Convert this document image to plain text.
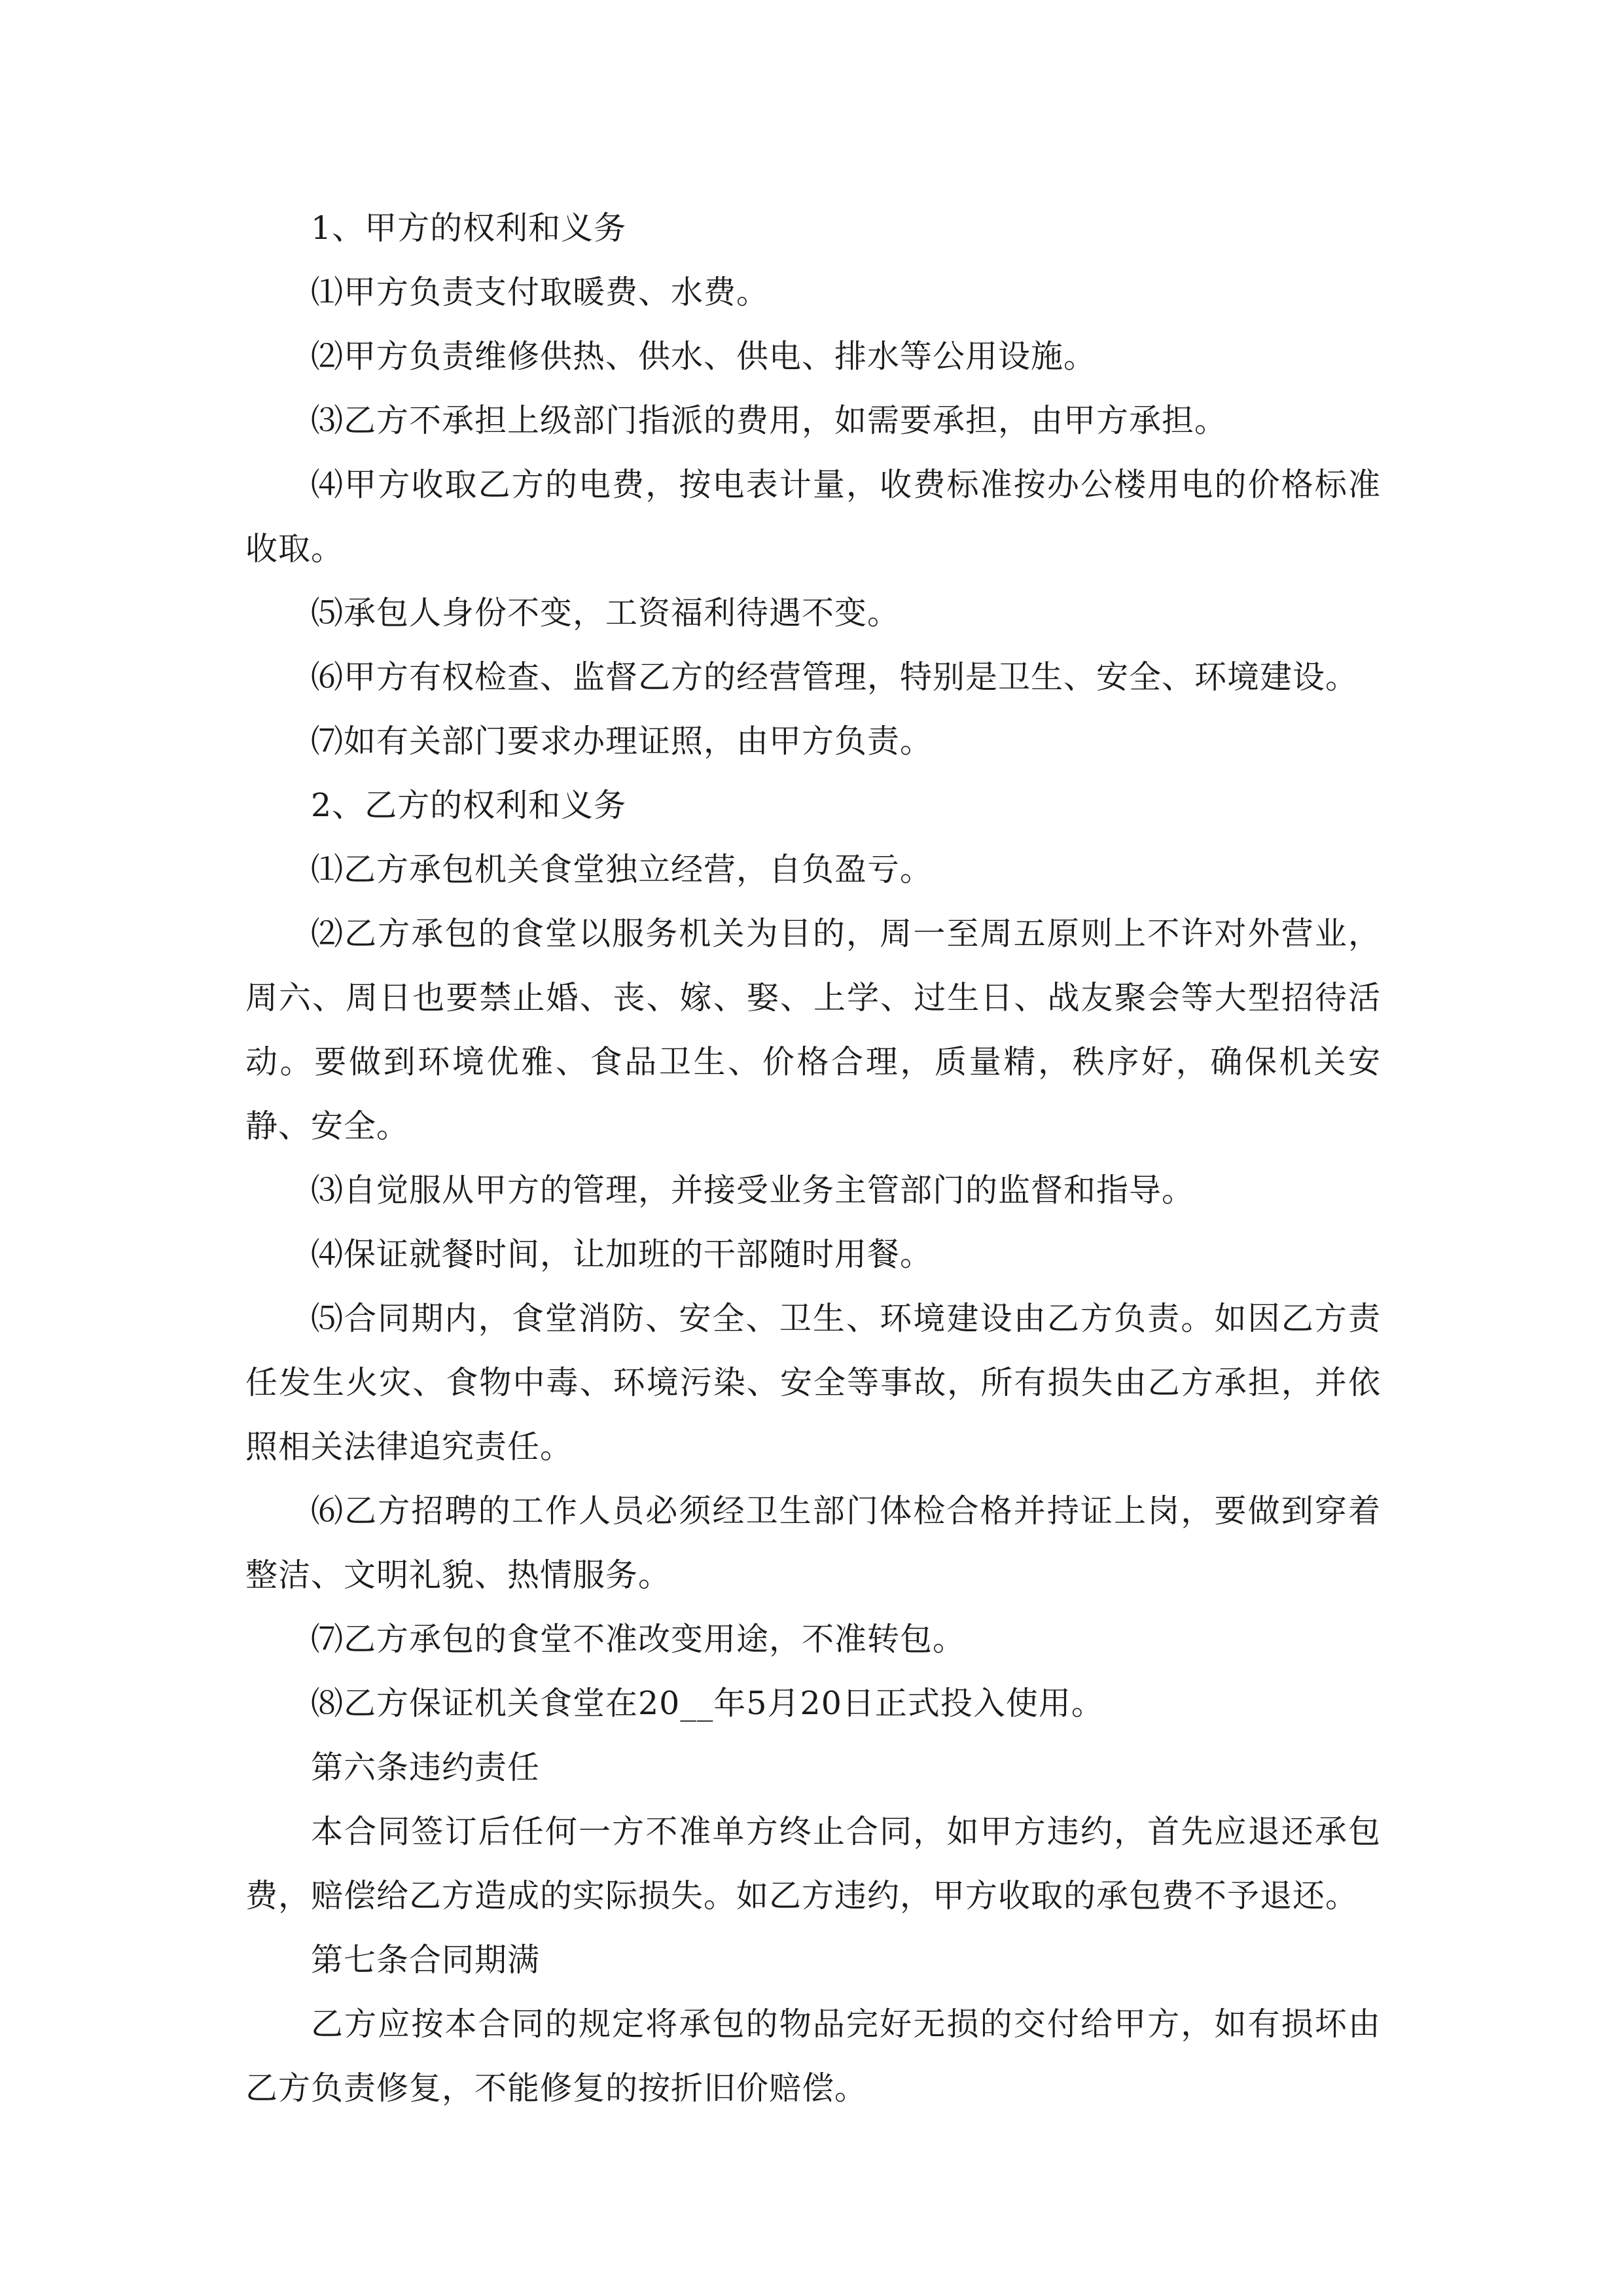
1、甲方的权利和义务

⑴甲方负责支付取暖费、水费。

⑵甲方负责维修供热、供水、供电、排水等公用设施。

⑶乙方不承担上级部门指派的费用，如需要承担，由甲方承担。

⑷甲方收取乙方的电费，按电表计量，收费标准按办公楼用电的价格标准收取。

⑸承包人身份不变，工资福利待遇不变。

⑹甲方有权检查、监督乙方的经营管理，特别是卫生、安全、环境建设。

⑺如有关部门要求办理证照，由甲方负责。

2、乙方的权利和义务

⑴乙方承包机关食堂独立经营，自负盈亏。

⑵乙方承包的食堂以服务机关为目的，周一至周五原则上不许对外营业，周六、周日也要禁止婚、丧、嫁、娶、上学、过生日、战友聚会等大型招待活动。要做到环境优雅、食品卫生、价格合理，质量精，秩序好，确保机关安静、安全。

⑶自觉服从甲方的管理，并接受业务主管部门的监督和指导。

⑷保证就餐时间，让加班的干部随时用餐。

⑸合同期内，食堂消防、安全、卫生、环境建设由乙方负责。如因乙方责任发生火灾、食物中毒、环境污染、安全等事故，所有损失由乙方承担，并依照相关法律追究责任。

⑹乙方招聘的工作人员必须经卫生部门体检合格并持证上岗，要做到穿着整洁、文明礼貌、热情服务。

⑺乙方承包的食堂不准改变用途，不准转包。

⑻乙方保证机关食堂在20__年5月20日正式投入使用。

第六条违约责任

本合同签订后任何一方不准单方终止合同，如甲方违约，首先应退还承包费，赔偿给乙方造成的实际损失。如乙方违约，甲方收取的承包费不予退还。

第七条合同期满

乙方应按本合同的规定将承包的物品完好无损的交付给甲方，如有损坏由乙方负责修复，不能修复的按折旧价赔偿。
